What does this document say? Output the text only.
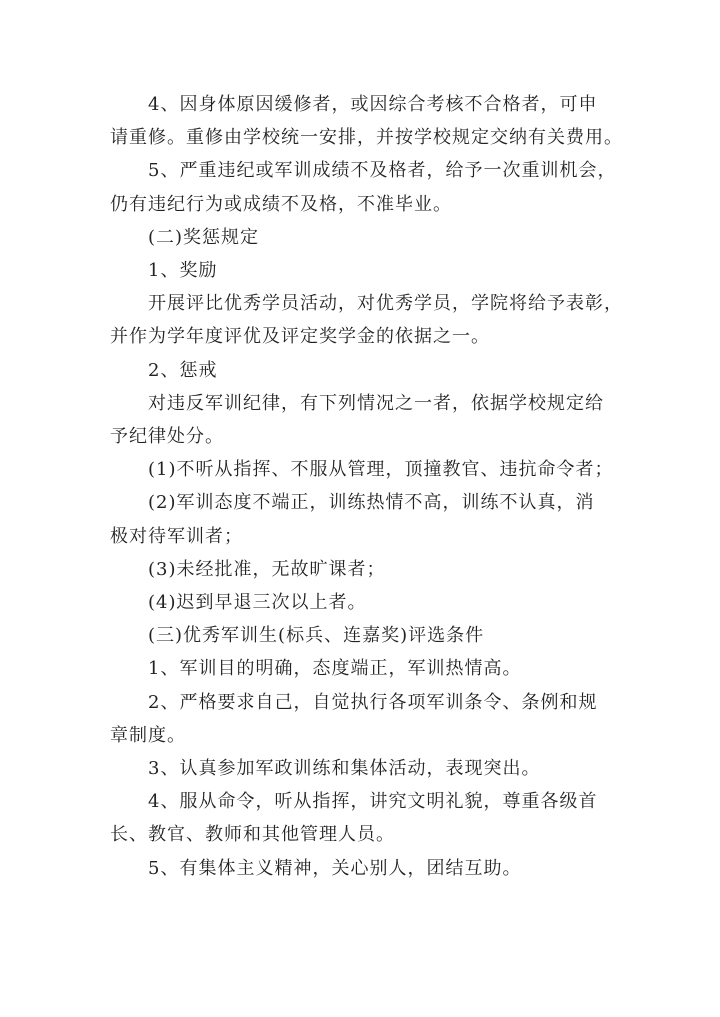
4、因身体原因缓修者，或因综合考核不合格者，可申

请重修。重修由学校统一安排，并按学校规定交纳有关费用。

5、严重违纪或军训成绩不及格者，给予一次重训机会，

仍有违纪行为或成绩不及格，不准毕业。

(二)奖惩规定

1、奖励

开展评比优秀学员活动，对优秀学员，学院将给予表彰，

并作为学年度评优及评定奖学金的依据之一。

2、惩戒

对违反军训纪律，有下列情况之一者，依据学校规定给

予纪律处分。

(1)不听从指挥、不服从管理，顶撞教官、违抗命令者；

(2)军训态度不端正，训练热情不高，训练不认真，消

极对待军训者；

(3)未经批准，无故旷课者；

(4)迟到早退三次以上者。

(三)优秀军训生(标兵、连嘉奖)评选条件

1、军训目的明确，态度端正，军训热情高。

2、严格要求自己，自觉执行各项军训条令、条例和规

章制度。

3、认真参加军政训练和集体活动，表现突出。

4、服从命令，听从指挥，讲究文明礼貌，尊重各级首

长、教官、教师和其他管理人员。

5、有集体主义精神，关心别人，团结互助。
